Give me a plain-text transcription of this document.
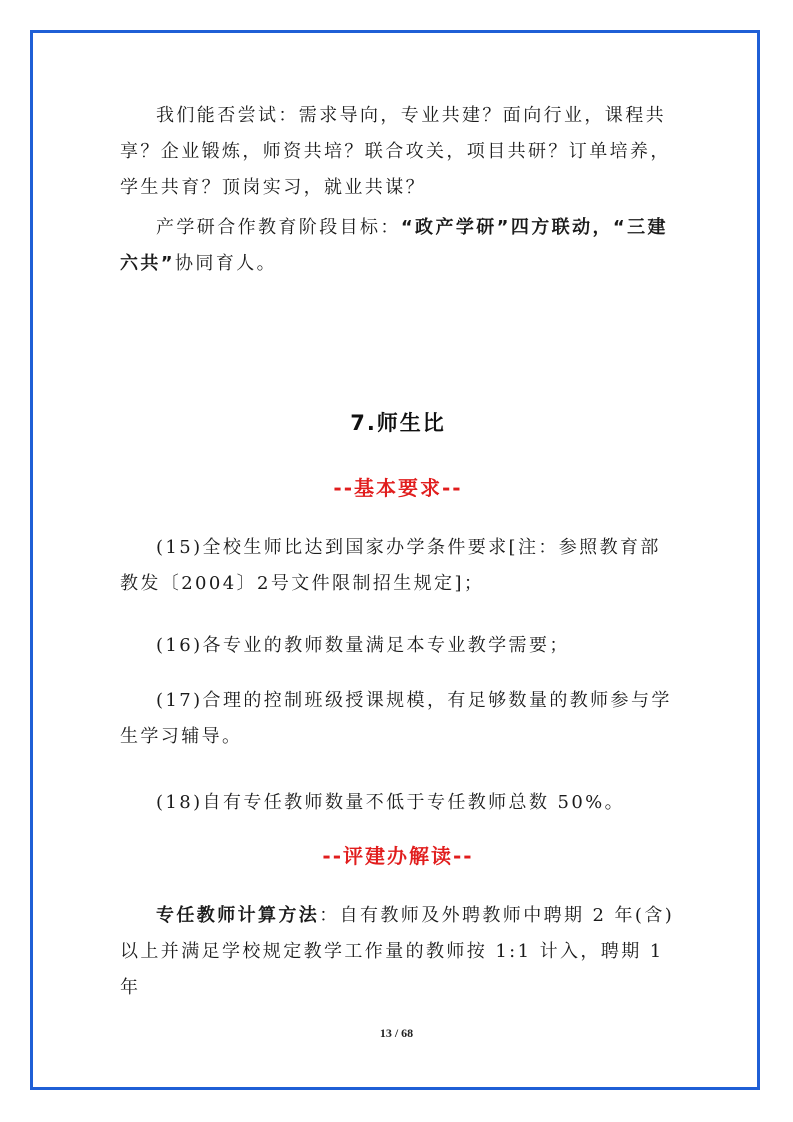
我们能否尝试：需求导向，专业共建？面向行业，课程共享？企业锻炼，师资共培？联合攻关，项目共研？订单培养，学生共育？顶岗实习，就业共谋？

产学研合作教育阶段目标：“政产学研”四方联动，“三建六共”协同育人。

7.师生比
--基本要求--

(15)全校生师比达到国家办学条件要求[注：参照教育部教发〔2004〕2号文件限制招生规定]；

(16)各专业的教师数量满足本专业教学需要；

(17)合理的控制班级授课规模，有足够数量的教师参与学生学习辅导。

(18)自有专任教师数量不低于专任教师总数 50%。

--评建办解读--

专任教师计算方法：自有教师及外聘教师中聘期 2 年(含)以上并满足学校规定教学工作量的教师按 1:1 计入，聘期 1 年

13 / 68
